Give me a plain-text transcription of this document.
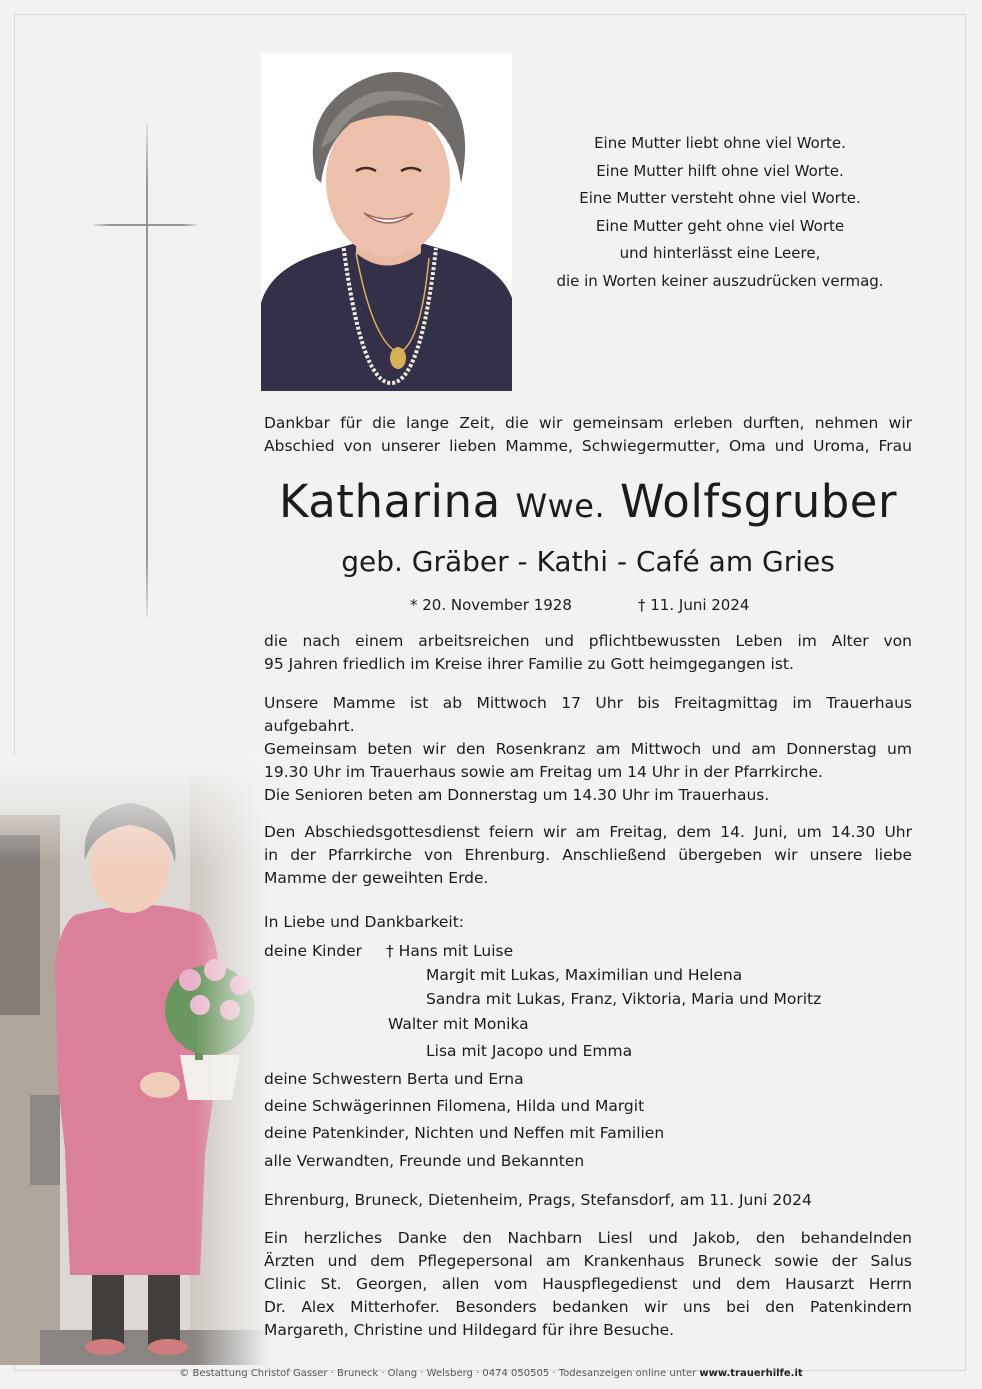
Eine Mutter liebt ohne viel Worte.
Eine Mutter hilft ohne viel Worte.
Eine Mutter versteht ohne viel Worte.
Eine Mutter geht ohne viel Worte
und hinterlässt eine Leere,
die in Worten keiner auszudrücken vermag.
Dankbar für die lange Zeit, die wir gemeinsam erleben durften, nehmen wir
Abschied von unserer lieben Mamme, Schwiegermutter, Oma und Uroma, Frau
Katharina Wwe. Wolfsgruber
geb. Gräber - Kathi - Café am Gries
* 20. November 1928	† 11. Juni 2024
die nach einem arbeitsreichen und pflichtbewussten Leben im Alter von
95 Jahren friedlich im Kreise ihrer Familie zu Gott heimgegangen ist.
Unsere Mamme ist ab Mittwoch 17 Uhr bis Freitagmittag im Trauerhaus
aufgebahrt.
Gemeinsam beten wir den Rosenkranz am Mittwoch und am Donnerstag um
19.30 Uhr im Trauerhaus sowie am Freitag um 14 Uhr in der Pfarrkirche.
Die Senioren beten am Donnerstag um 14.30 Uhr im Trauerhaus.
Den Abschiedsgottesdienst feiern wir am Freitag, dem 14. Juni, um 14.30 Uhr
in der Pfarrkirche von Ehrenburg. Anschließend übergeben wir unsere liebe
Mamme der geweihten Erde.
In Liebe und Dankbarkeit:
deine Kinder † Hans mit Luise
Margit mit Lukas, Maximilian und Helena
Sandra mit Lukas, Franz, Viktoria, Maria und Moritz
Walter mit Monika
Lisa mit Jacopo und Emma
deine Schwestern Berta und Erna
deine Schwägerinnen Filomena, Hilda und Margit
deine Patenkinder, Nichten und Neffen mit Familien
alle Verwandten, Freunde und Bekannten
Ehrenburg, Bruneck, Dietenheim, Prags, Stefansdorf, am 11. Juni 2024
Ein herzliches Danke den Nachbarn Liesl und Jakob, den behandelnden
Ärzten und dem Pflegepersonal am Krankenhaus Bruneck sowie der Salus
Clinic St. Georgen, allen vom Hauspflegedienst und dem Hausarzt Herrn
Dr. Alex Mitterhofer. Besonders bedanken wir uns bei den Patenkindern
Margareth, Christine und Hildegard für ihre Besuche.
© Bestattung Christof Gasser · Bruneck · Olang · Welsberg · 0474 050505 · Todesanzeigen online unter www.trauerhilfe.it
